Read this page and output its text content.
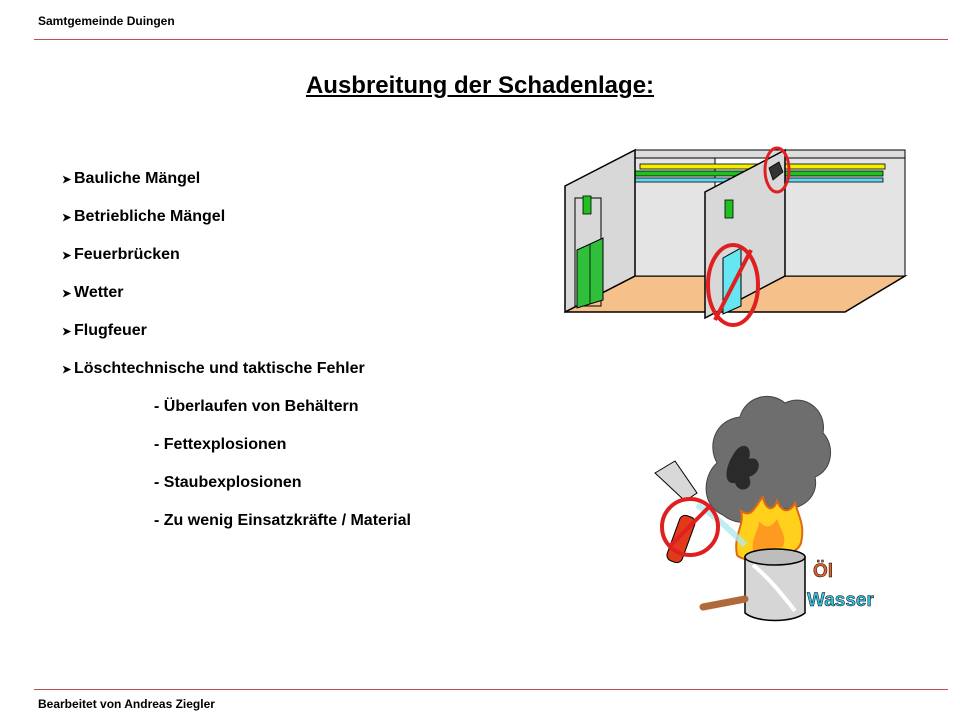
Samtgemeinde Duingen
Ausbreitung der Schadenlage:
➤ Bauliche Mängel
➤ Betriebliche Mängel
➤ Feuerbrücken
➤ Wetter
➤ Flugfeuer
➤ Löschtechnische und taktische Fehler
- Überlaufen von Behältern
- Fettexplosionen
- Staubexplosionen
- Zu wenig Einsatzkräfte / Material
Öl
Wasser
Bearbeitet von Andreas Ziegler
